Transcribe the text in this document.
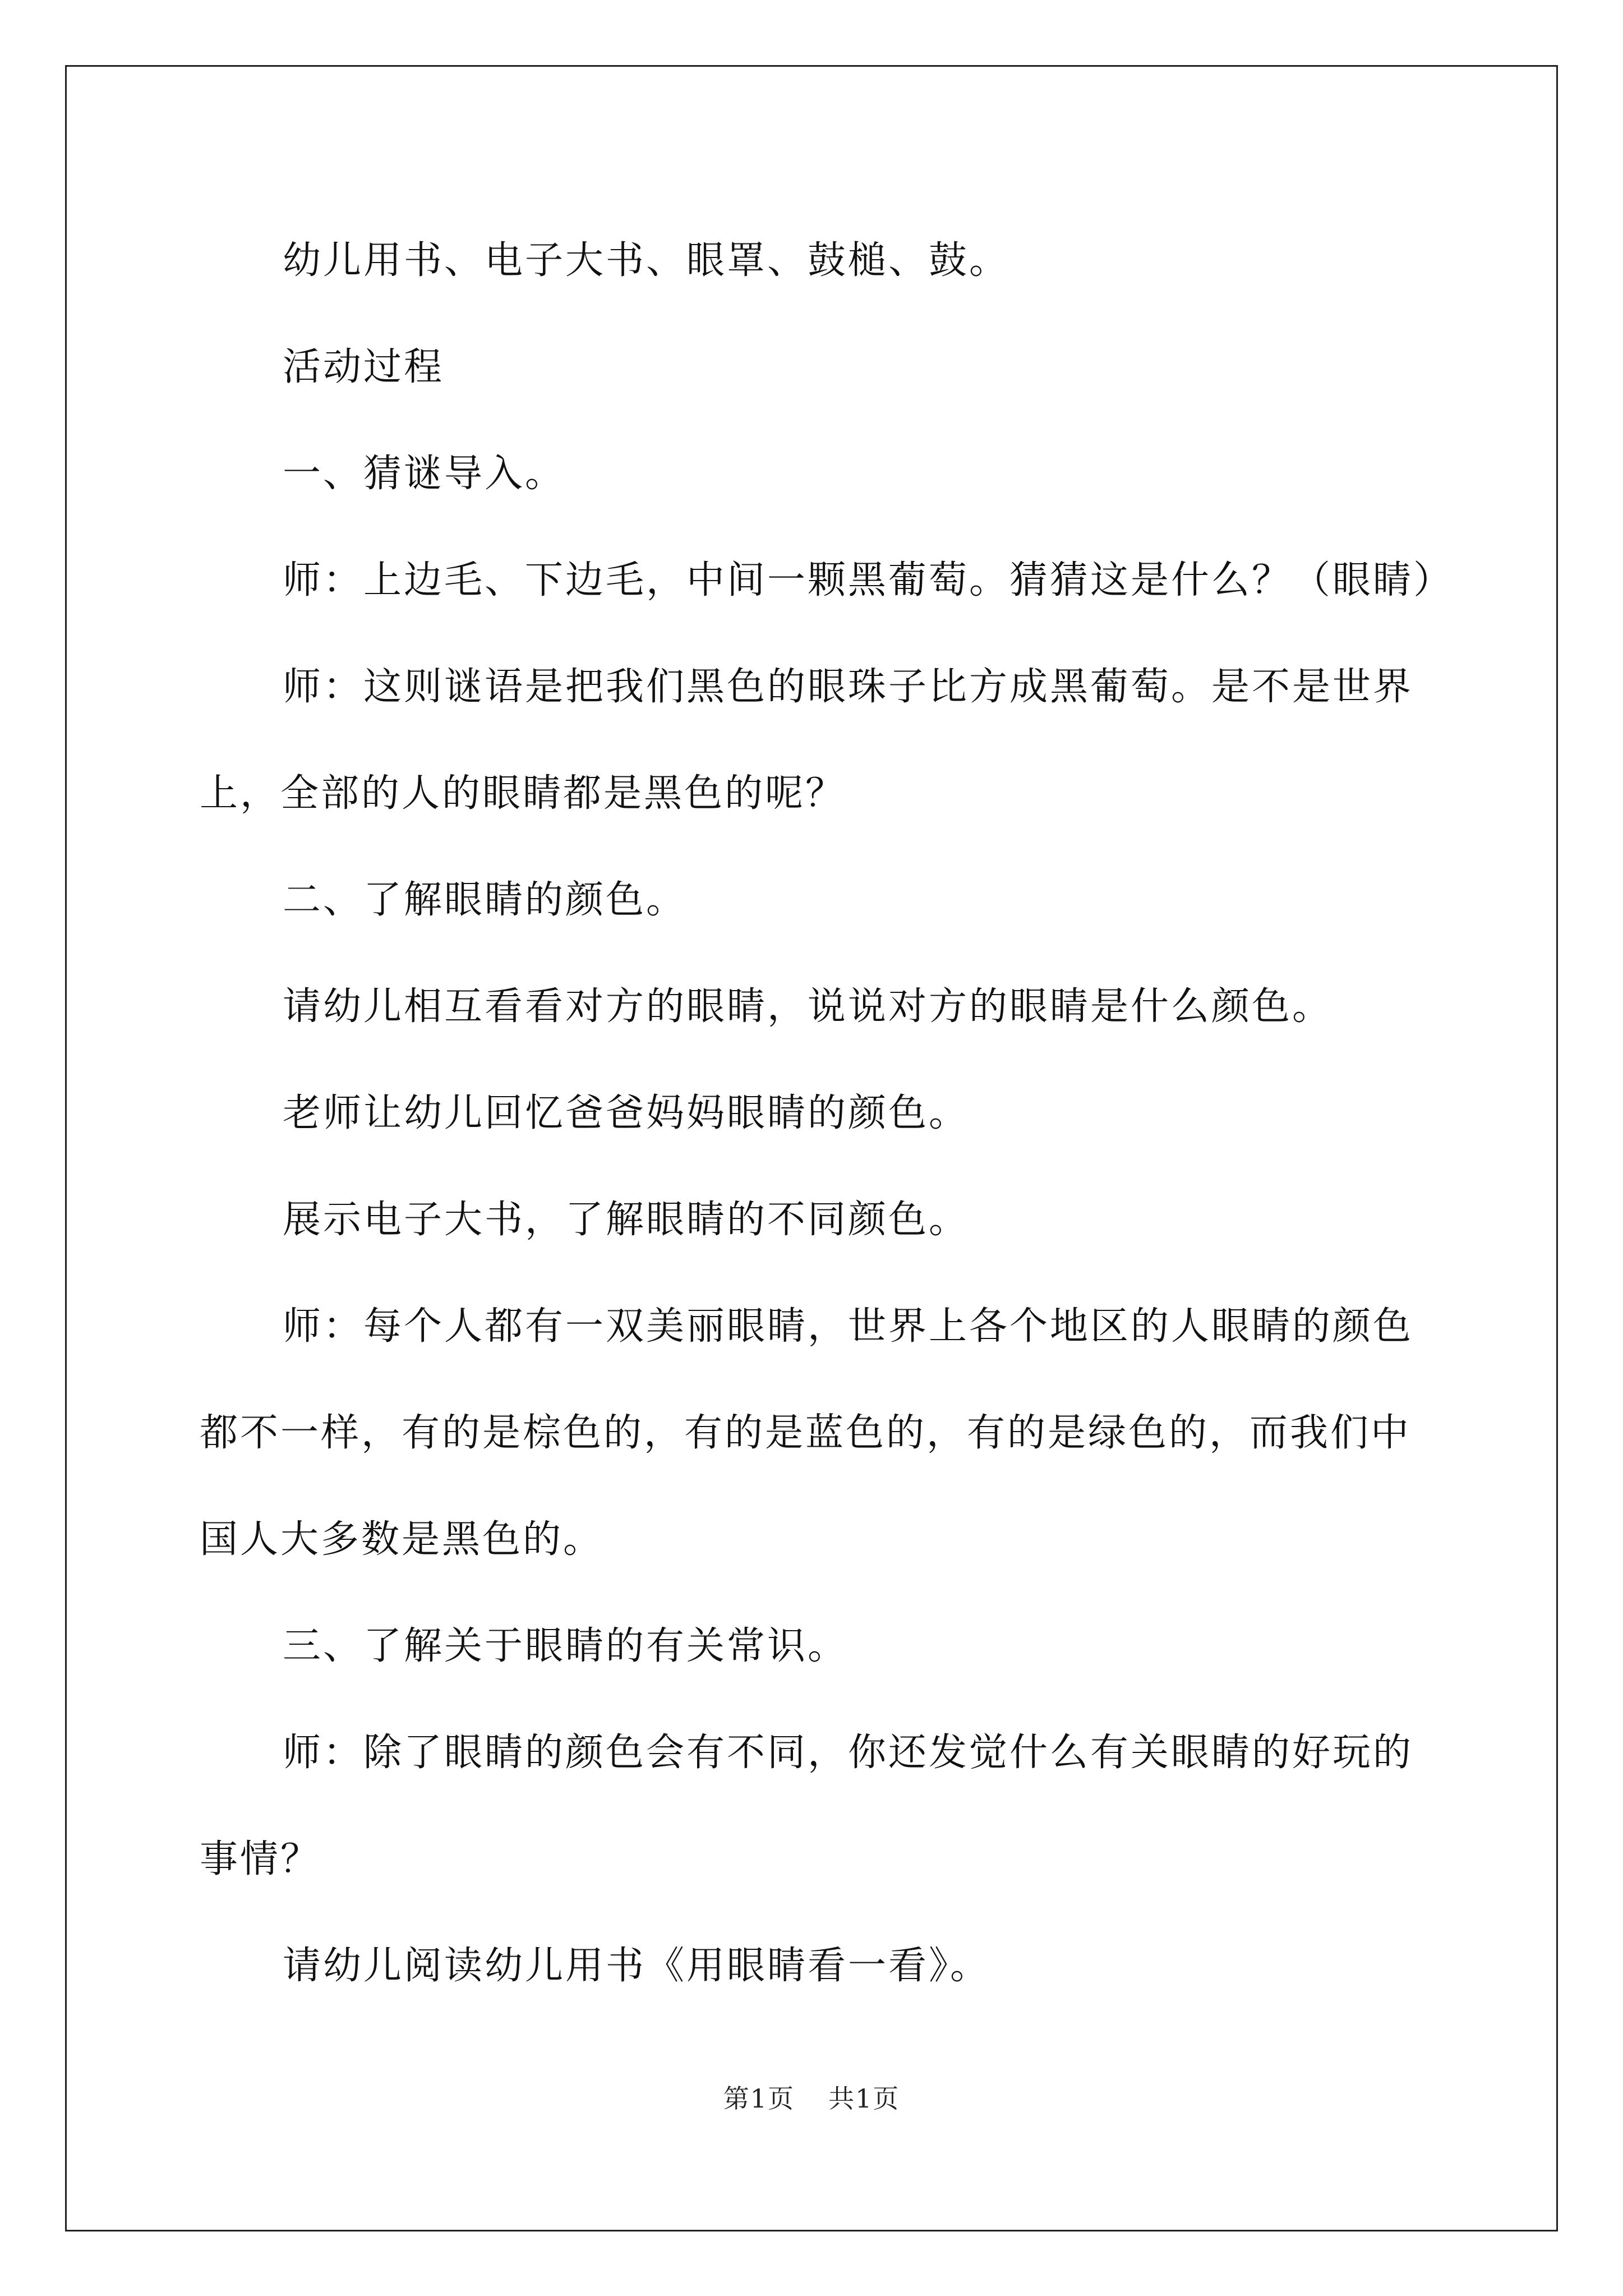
幼儿用书、电子大书、眼罩、鼓槌、鼓。

活动过程

一、猜谜导入。

师：上边毛、下边毛，中间一颗黑葡萄。猜猜这是什么？（眼睛）

师：这则谜语是把我们黑色的眼珠子比方成黑葡萄。是不是世界

上，全部的人的眼睛都是黑色的呢？

二、了解眼睛的颜色。

请幼儿相互看看对方的眼睛，说说对方的眼睛是什么颜色。

老师让幼儿回忆爸爸妈妈眼睛的颜色。

展示电子大书，了解眼睛的不同颜色。

师：每个人都有一双美丽眼睛，世界上各个地区的人眼睛的颜色

都不一样，有的是棕色的，有的是蓝色的，有的是绿色的，而我们中

国人大多数是黑色的。

三、了解关于眼睛的有关常识。

师：除了眼睛的颜色会有不同，你还发觉什么有关眼睛的好玩的

事情？

请幼儿阅读幼儿用书《用眼睛看一看》。

第1页 共1页
